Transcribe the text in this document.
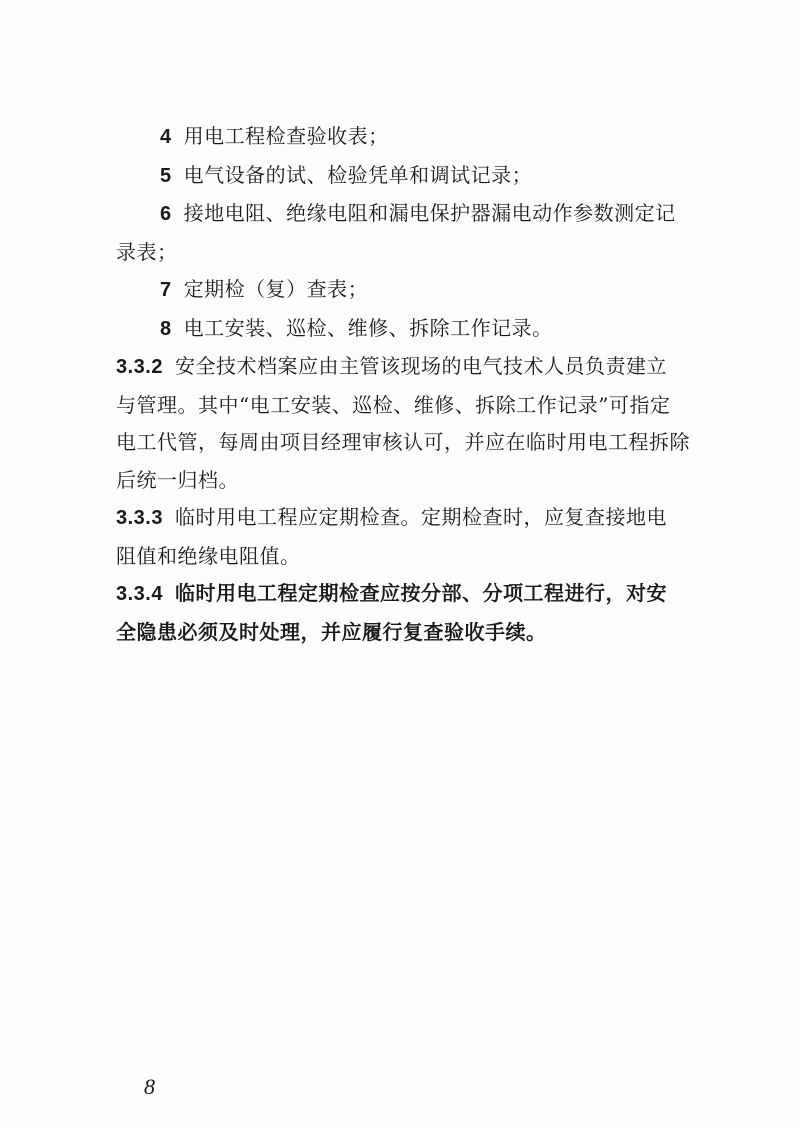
4 用电工程检查验收表；
5 电气设备的试、检验凭单和调试记录；
6 接地电阻、绝缘电阻和漏电保护器漏电动作参数测定记
录表；
7 定期检（复）查表；
8 电工安装、巡检、维修、拆除工作记录。
3.3.2 安全技术档案应由主管该现场的电气技术人员负责建立
与管理。其中“电工安装、巡检、维修、拆除工作记录”可指定
电工代管，每周由项目经理审核认可，并应在临时用电工程拆除
后统一归档。
3.3.3 临时用电工程应定期检查。定期检查时，应复查接地电
阻值和绝缘电阻值。
3.3.4 临时用电工程定期检查应按分部、分项工程进行，对安
全隐患必须及时处理，并应履行复查验收手续。
8
